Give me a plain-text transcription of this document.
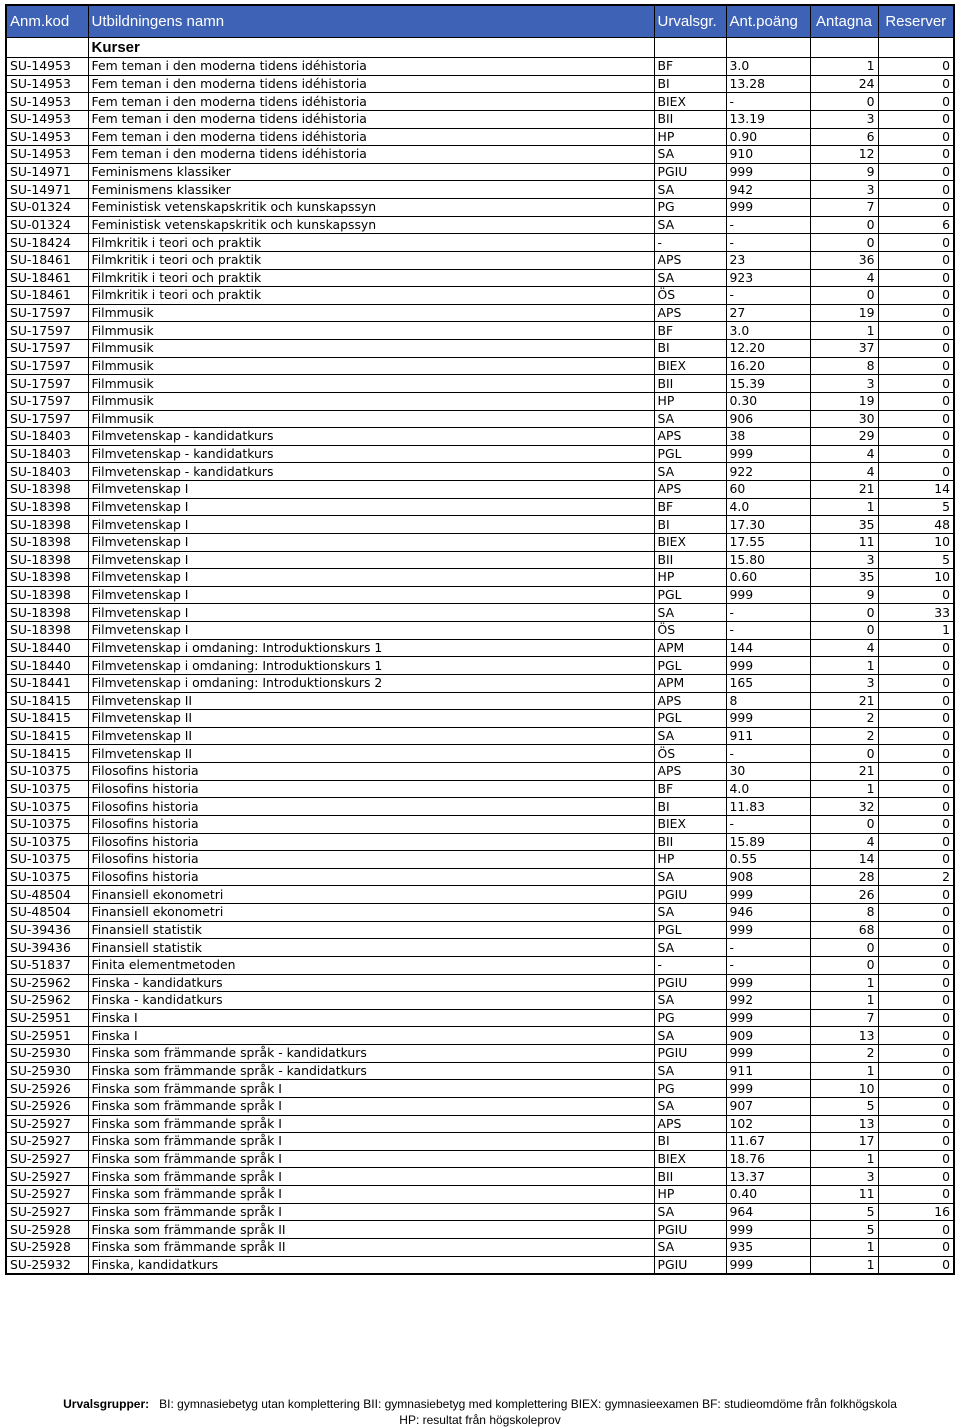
Anm.kod	Utbildningens namn	Urvalsgr.	Ant.poäng	Antagna	Reserver
	Kurser				
SU-14953	Fem teman i den moderna tidens idéhistoria	BF	3.0	1	0
SU-14953	Fem teman i den moderna tidens idéhistoria	BI	13.28	24	0
SU-14953	Fem teman i den moderna tidens idéhistoria	BIEX	-	0	0
SU-14953	Fem teman i den moderna tidens idéhistoria	BII	13.19	3	0
SU-14953	Fem teman i den moderna tidens idéhistoria	HP	0.90	6	0
SU-14953	Fem teman i den moderna tidens idéhistoria	SA	910	12	0
SU-14971	Feminismens klassiker	PGIU	999	9	0
SU-14971	Feminismens klassiker	SA	942	3	0
SU-01324	Feministisk vetenskapskritik och kunskapssyn	PG	999	7	0
SU-01324	Feministisk vetenskapskritik och kunskapssyn	SA	-	0	6
SU-18424	Filmkritik i teori och praktik	-	-	0	0
SU-18461	Filmkritik i teori och praktik	APS	23	36	0
SU-18461	Filmkritik i teori och praktik	SA	923	4	0
SU-18461	Filmkritik i teori och praktik	ÖS	-	0	0
SU-17597	Filmmusik	APS	27	19	0
SU-17597	Filmmusik	BF	3.0	1	0
SU-17597	Filmmusik	BI	12.20	37	0
SU-17597	Filmmusik	BIEX	16.20	8	0
SU-17597	Filmmusik	BII	15.39	3	0
SU-17597	Filmmusik	HP	0.30	19	0
SU-17597	Filmmusik	SA	906	30	0
SU-18403	Filmvetenskap - kandidatkurs	APS	38	29	0
SU-18403	Filmvetenskap - kandidatkurs	PGL	999	4	0
SU-18403	Filmvetenskap - kandidatkurs	SA	922	4	0
SU-18398	Filmvetenskap I	APS	60	21	14
SU-18398	Filmvetenskap I	BF	4.0	1	5
SU-18398	Filmvetenskap I	BI	17.30	35	48
SU-18398	Filmvetenskap I	BIEX	17.55	11	10
SU-18398	Filmvetenskap I	BII	15.80	3	5
SU-18398	Filmvetenskap I	HP	0.60	35	10
SU-18398	Filmvetenskap I	PGL	999	9	0
SU-18398	Filmvetenskap I	SA	-	0	33
SU-18398	Filmvetenskap I	ÖS	-	0	1
SU-18440	Filmvetenskap i omdaning: Introduktionskurs 1	APM	144	4	0
SU-18440	Filmvetenskap i omdaning: Introduktionskurs 1	PGL	999	1	0
SU-18441	Filmvetenskap i omdaning: Introduktionskurs 2	APM	165	3	0
SU-18415	Filmvetenskap II	APS	8	21	0
SU-18415	Filmvetenskap II	PGL	999	2	0
SU-18415	Filmvetenskap II	SA	911	2	0
SU-18415	Filmvetenskap II	ÖS	-	0	0
SU-10375	Filosofins historia	APS	30	21	0
SU-10375	Filosofins historia	BF	4.0	1	0
SU-10375	Filosofins historia	BI	11.83	32	0
SU-10375	Filosofins historia	BIEX	-	0	0
SU-10375	Filosofins historia	BII	15.89	4	0
SU-10375	Filosofins historia	HP	0.55	14	0
SU-10375	Filosofins historia	SA	908	28	2
SU-48504	Finansiell ekonometri	PGIU	999	26	0
SU-48504	Finansiell ekonometri	SA	946	8	0
SU-39436	Finansiell statistik	PGL	999	68	0
SU-39436	Finansiell statistik	SA	-	0	0
SU-51837	Finita elementmetoden	-	-	0	0
SU-25962	Finska - kandidatkurs	PGIU	999	1	0
SU-25962	Finska - kandidatkurs	SA	992	1	0
SU-25951	Finska I	PG	999	7	0
SU-25951	Finska I	SA	909	13	0
SU-25930	Finska som främmande språk - kandidatkurs	PGIU	999	2	0
SU-25930	Finska som främmande språk - kandidatkurs	SA	911	1	0
SU-25926	Finska som främmande språk I	PG	999	10	0
SU-25926	Finska som främmande språk I	SA	907	5	0
SU-25927	Finska som främmande språk I	APS	102	13	0
SU-25927	Finska som främmande språk I	BI	11.67	17	0
SU-25927	Finska som främmande språk I	BIEX	18.76	1	0
SU-25927	Finska som främmande språk I	BII	13.37	3	0
SU-25927	Finska som främmande språk I	HP	0.40	11	0
SU-25927	Finska som främmande språk I	SA	964	5	16
SU-25928	Finska som främmande språk II	PGIU	999	5	0
SU-25928	Finska som främmande språk II	SA	935	1	0
SU-25932	Finska, kandidatkurs	PGIU	999	1	0
Urvalsgrupper: BI: gymnasiebetyg utan komplettering BII: gymnasiebetyg med komplettering BIEX: gymnasieexamen BF: studieomdöme från folkhögskola
HP: resultat från högskoleprov
